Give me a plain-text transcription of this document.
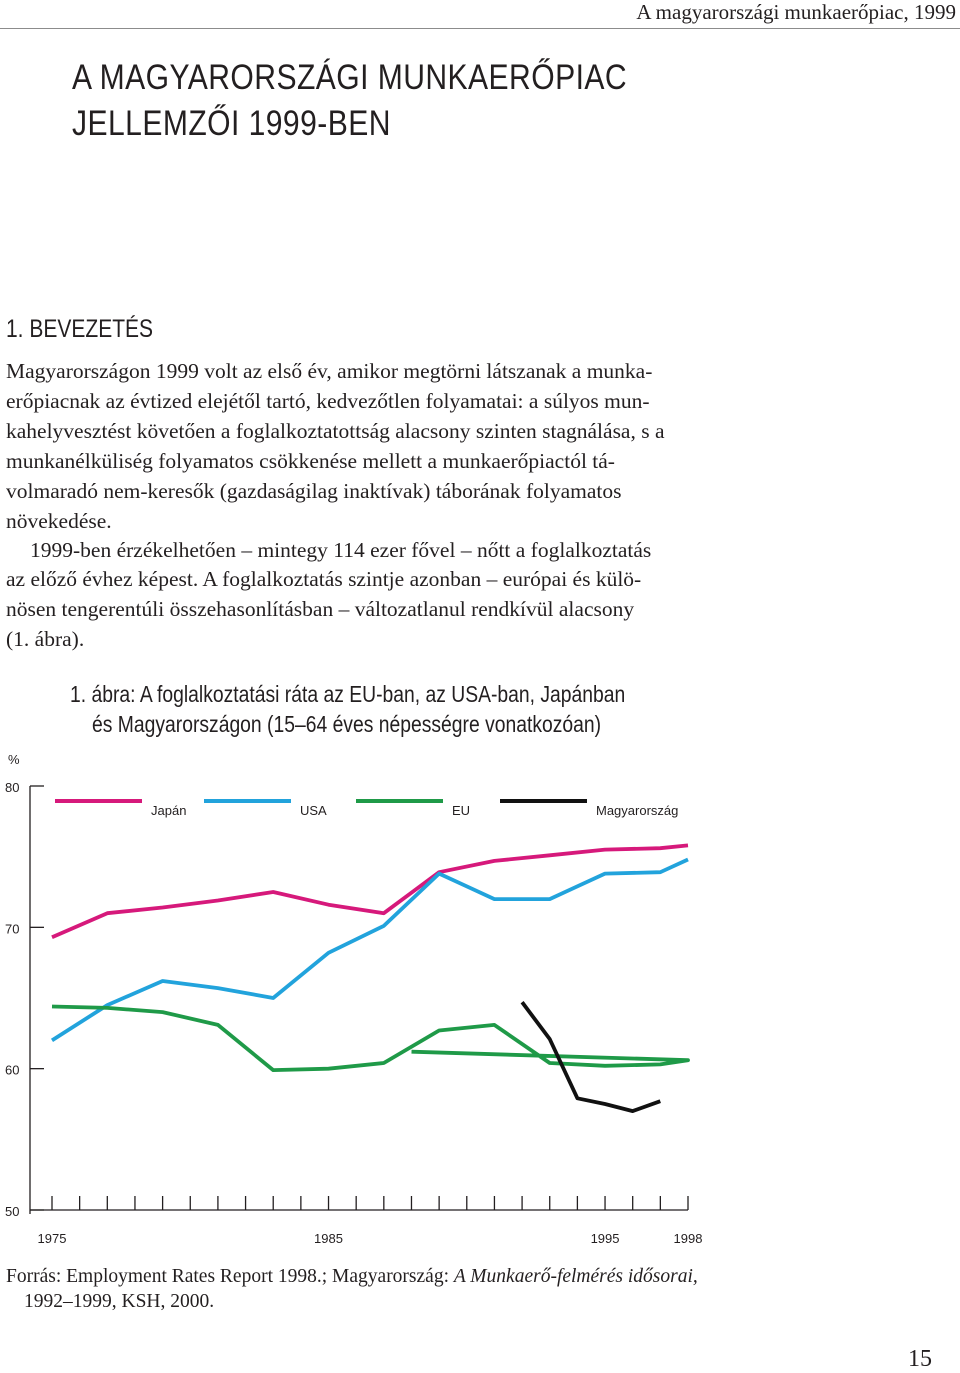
A magyarországi munkaerőpiac, 1999
A MAGYARORSZÁGI MUNKAERŐPIAC
JELLEMZŐI 1999-BEN
1. BEVEZETÉS
Magyarországon 1999 volt az első év, amikor megtörni látszanak a munka-
erőpiacnak az évtized elejétől tartó, kedvezőtlen folyamatai: a súlyos mun-
kahelyvesztést követően a foglalkoztatottság alacsony szinten stagnálása, s a
munkanélküliség folyamatos csökkenése mellett a munkaerőpiactól tá-
volmaradó nem-keresők (gazdaságilag inaktívak) táborának folyamatos
növekedése.
1999-ben érzékelhetően – mintegy 114 ezer fővel – nőtt a foglalkoztatás
az előző évhez képest. A foglalkoztatás szintje azonban – európai és külö-
nösen tengerentúli összehasonlításban – változatlanul rendkívül alacsony
(1. ábra).
1. ábra: A foglalkoztatási ráta az EU-ban, az USA-ban, Japánban
és Magyarországon (15–64 éves népességre vonatkozóan)
%
80
70
60
50
1975	1985	1995	1998
Japán	USA	EU	Magyarország
Forrás: Employment Rates Report 1998.; Magyarország: A Munkaerő-felmérés idősorai,
1992–1999, KSH, 2000.
15
